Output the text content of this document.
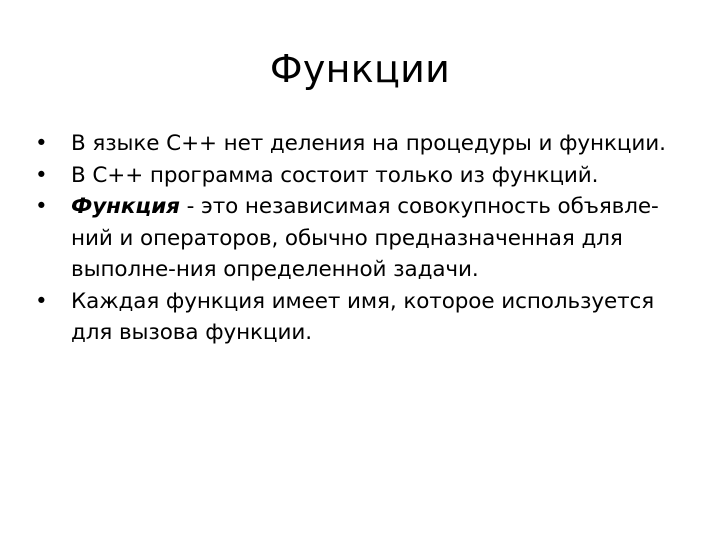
Функции
•	В языке С++ нет деления на процедуры и функции.
•	В С++ программа состоит только из функций.
•	Функция - это независимая совокупность объявле-ний и операторов, обычно предназначенная для выполне-ния определенной задачи.
•	Каждая функция имеет имя, которое используется для вызова функции.
